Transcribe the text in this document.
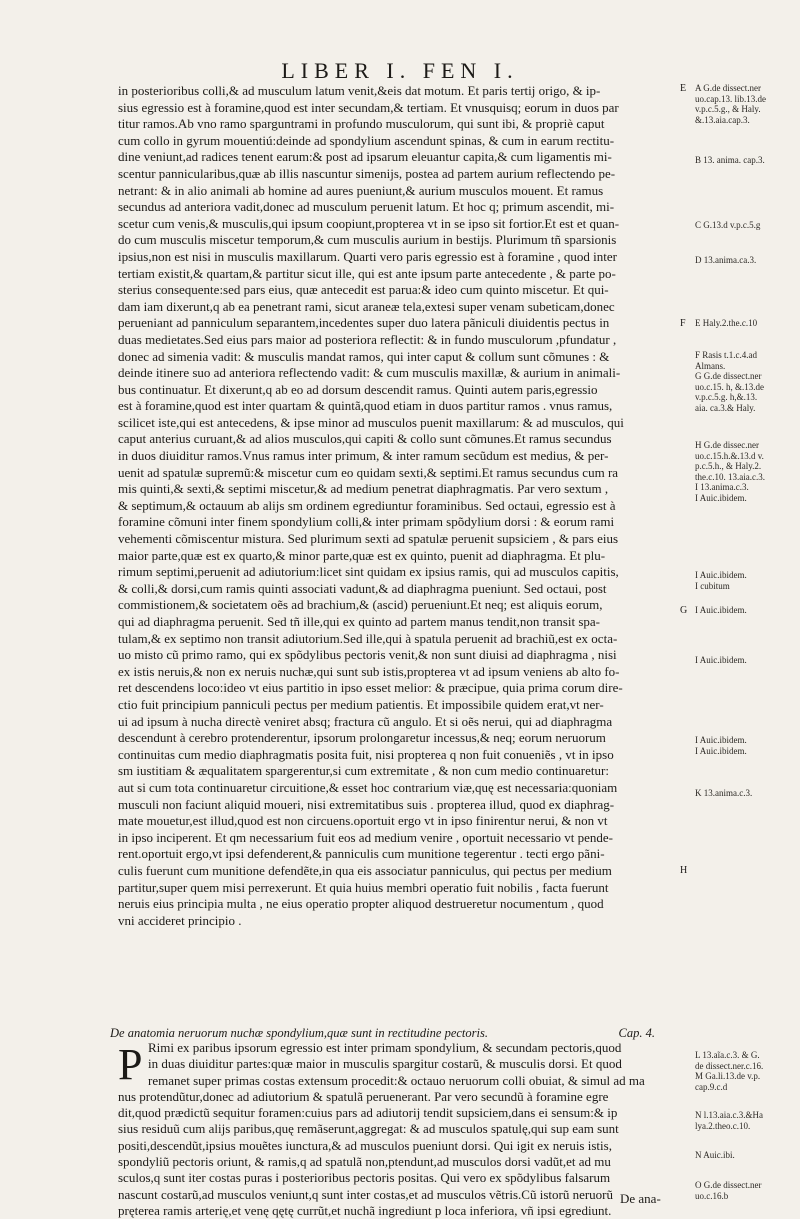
LIBER I. FEN I.
in posterioribus colli,& ad musculum latum venit,&eis dat motum. Et paris tertij origo, & ip-
sius egressio est à foramine,quod est inter secundam,& tertiam. Et vnusquisq; eorum in duos par
titur ramos.Ab vno ramo sparguntrami in profundo musculorum, qui sunt ibi, & propriè caput
cum collo in gyrum mouentiú:deinde ad spondylium ascendunt spinas, & cum in earum rectitu-
dine veniunt,ad radices tenent earum:& post ad ipsarum eleuantur capita,& cum ligamentis mi-
scentur pannicularibus,quæ ab illis nascuntur simenijs, postea ad partem aurium reflectendo pe-
netrant: & in alio animali ab homine ad aures pueniunt,& aurium musculos mouent. Et ramus
secundus ad anteriora vadit,donec ad musculum peruenit latum. Et hoc q; primum ascendit, mi-
scetur cum venis,& musculis,qui ipsum coopiunt,propterea vt in se ipso sit fortior.Et est et quan-
do cum musculis miscetur temporum,& cum musculis aurium in bestijs. Plurimum tñ sparsionis
ipsius,non est nisi in musculis maxillarum. Quarti vero paris egressio est à foramine , quod inter
tertiam existit,& quartam,& partitur sicut ille, qui est ante ipsum parte antecedente , & parte po-
sterius consequente:sed pars eius, quæ antecedit est parua:& ideo cum quinto miscetur. Et qui-
dam iam dixerunt,q ab ea penetrant rami, sicut araneæ tela,extesi super venam subeticam,donec
perueniant ad panniculum separantem,incedentes super duo latera pãniculi diuidentis pectus in
duas medietates.Sed eius pars maior ad posteriora reflectit: & in fundo musculorum ,pfundatur ,
donec ad simenia vadit: & musculis mandat ramos, qui inter caput & collum sunt cõmunes : &
deinde itinere suo ad anteriora reflectendo vadit: & cum musculis maxillæ, & aurium in animali-
bus continuatur. Et dixerunt,q ab eo ad dorsum descendit ramus. Quinti autem paris,egressio
est à foramine,quod est inter quartam & quintã,quod etiam in duos partitur ramos . vnus ramus,
scilicet iste,qui est antecedens, & ipse minor ad musculos puenit maxillarum: & ad musculos, qui
caput anterius curuant,& ad alios musculos,qui capiti & collo sunt cõmunes.Et ramus secundus
in duos diuiditur ramos.Vnus ramus inter primum, & inter ramum secũdum est medius, & per-
uenit ad spatulæ supremũ:& miscetur cum eo quidam sexti,& septimi.Et ramus secundus cum ra
mis quinti,& sexti,& septimi miscetur,& ad medium penetrat diaphragmatis. Par vero sextum ,
& septimum,& octauum ab alijs sm ordinem egrediuntur foraminibus. Sed octaui, egressio est à
foramine cõmuni inter finem spondylium colli,& inter primam spõdylium dorsi : & eorum rami
vehementi cõmiscentur mistura. Sed plurimum sexti ad spatulæ peruenit supsiciem , & pars eius
maior parte,quæ est ex quarto,& minor parte,quæ est ex quinto, puenit ad diaphragma. Et plu-
rimum septimi,peruenit ad adiutorium:licet sint quidam ex ipsius ramis, qui ad musculos capitis,
& colli,& dorsi,cum ramis quinti associati vadunt,& ad diaphragma pueniunt. Sed octaui, post
commistionem,& societatem oẽs ad brachium,& (ascid) perueniunt.Et neq; est aliquis eorum,
qui ad diaphragma peruenit. Sed tñ ille,qui ex quinto ad partem manus tendit,non transit spa-
tulam,& ex septimo non transit adiutorium.Sed ille,qui à spatula peruenit ad brachiũ,est ex octa-
uo misto cũ primo ramo, qui ex spõdylibus pectoris venit,& non sunt diuisi ad diaphragma , nisi
ex istis neruis,& non ex neruis nuchæ,qui sunt sub istis,propterea vt ad ipsum veniens ab alto fo-
ret descendens loco:ideo vt eius partitio in ipso esset melior: & præcipue, quia prima corum dire-
ctio fuit principium panniculi pectus per medium patientis. Et impossibile quidem erat,vt ner-
ui ad ipsum à nucha directè veniret absq; fractura cũ angulo. Et si oẽs nerui, qui ad diaphragma
descendunt à cerebro protenderentur, ipsorum prolongaretur incessus,& neq; eorum neruorum
continuitas cum medio diaphragmatis posita fuit, nisi propterea q non fuit conueniẽs , vt in ipso
sm iustitiam & æqualitatem spargerentur,si cum extremitate , & non cum medio continuaretur:
aut si cum tota continuaretur circuitione,& esset hoc contrarium viæ,quę est necessaria:quoniam
musculi non faciunt aliquid moueri, nisi extremitatibus suis . propterea illud, quod ex diaphrag-
mate mouetur,est illud,quod est non circuens.oportuit ergo vt in ipso finirentur nerui, & non vt
in ipso inciperent. Et qm necessarium fuit eos ad medium venire , oportuit necessario vt pende-
rent.oportuit ergo,vt ipsi defenderent,& panniculis cum munitione tegerentur . tecti ergo pãni-
culis fuerunt cum munitione defendẽte,in qua eis associatur panniculus, qui pectus per medium
partitur,super quem misi perrexerunt. Et quia huius membri operatio fuit nobilis , facta fuerunt
neruis eius principia multa , ne eius operatio propter aliquod destrueretur nocumentum , quod
vni accideret principio .
De anatomia neruorum nuchæ spondylium,quæ sunt in rectitudine pectoris.	Cap. 4.
P Rimi ex paribus ipsorum egressio est inter primam spondylium, & secundam pectoris,quod
in duas diuiditur partes:quæ maior in musculis spargitur costarũ, & musculis dorsi. Et quod
remanet super primas costas extensum procedit:& octauo neruorum colli obuiat, & simul ad ma
nus protendũtur,donec ad adiutorium & spatulã peruenerant. Par vero secundũ à foramine egre
dit,quod prædictũ sequitur foramen:cuius pars ad adiutorij tendit supsiciem,dans ei sensum:& ip
sius residuũ cum alijs paribus,quę remãserunt,aggregat: & ad musculos spatulę,qui sup eam sunt
positi,descendũt,ipsius mouẽtes iunctura,& ad musculos pueniunt dorsi. Qui igit ex neruis istis,
spondyliũ pectoris oriunt, & ramis,q ad spatulã non,ptendunt,ad musculos dorsi vadũt,et ad mu
sculos,q sunt iter costas puras i posterioribus pectoris positas. Qui vero ex spõdylibus falsarum
nascunt costarũ,ad musculos veniunt,q sunt inter costas,et ad musculos vẽtris.Cũ istorũ neruorũ
pręterea ramis arterię,et venę qętę currũt,et nuchã ingrediunt p loca inferiora, vñ ipsi egrediunt.
De ana-
E A G.de dissect.ner
uo.cap.13. lib.13.de
v.p.c.5.g., & Haly.
&.13.aia.cap.3.
B 13. anima. cap.3.
C G.13.d v.p.c.5.g
D 13.anima.ca.3.
F E Haly.2.the.c.10
F Rasis t.1.c.4.ad
Almans.
G G.de dissect.ner
uo.c.15. h, &.13.de
v.p.c.5.g. h,&.13.
aia. ca.3.& Haly.
H G.de dissec.ner
uo.c.15.h.&.13.d v.
p.c.5.h., & Haly.2.
the.c.10. 13.aia.c.3.
I 13.anima.c.3.
I Auic.ibidem.
I Auic.ibidem.
I cubitum
G I Auic.ibidem.
I Auic.ibidem.
I Auic.ibidem.
I Auic.ibidem.
K 13.anima.c.3.
H
L 13.aĩa.c.3. & G.
de dissect.ner.c.16.
M Ga.li.13.de v.p.
cap.9.c.d
N l.13.aia.c.3.&Ha
lya.2.theo.c.10.
N Auic.ibi.
O G.de dissect.ner
uo.c.16.b
